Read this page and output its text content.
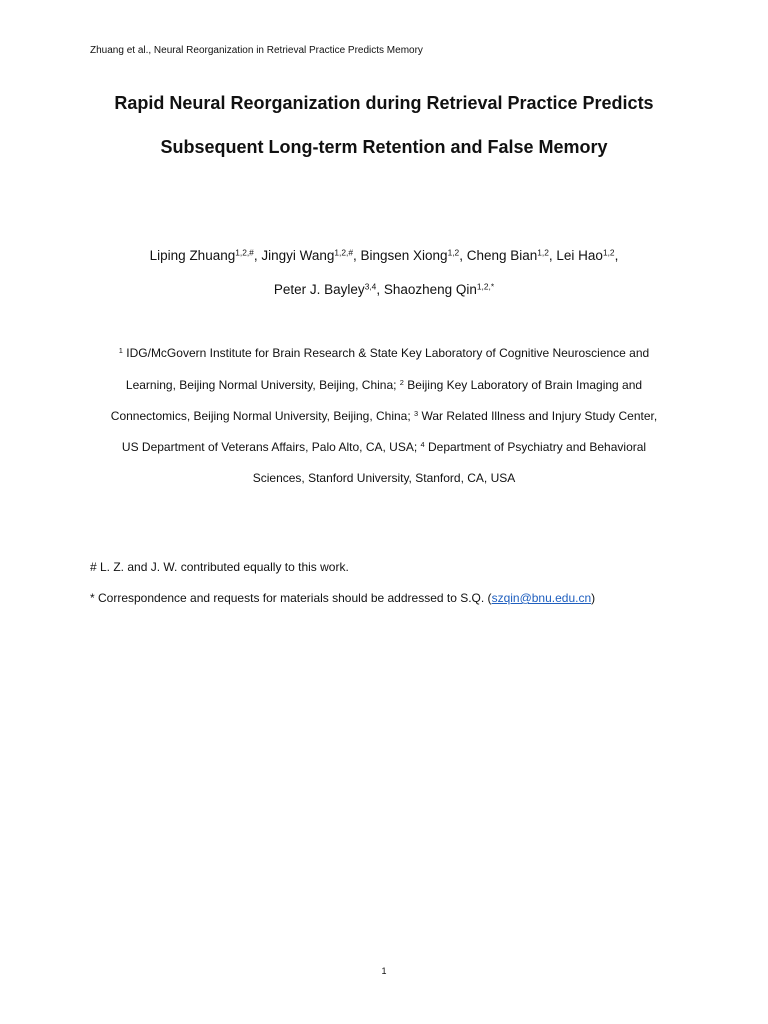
Zhuang et al., Neural Reorganization in Retrieval Practice Predicts Memory
Rapid Neural Reorganization during Retrieval Practice Predicts
Subsequent Long-term Retention and False Memory
Liping Zhuang$^{1,2,\#}$, Jingyi Wang$^{1,2,\#}$, Bingsen Xiong$^{1,2}$, Cheng Bian$^{1,2}$, Lei Hao$^{1,2}$,
Peter J. Bayley$^{3,4}$, Shaozheng Qin$^{1,2,*}$
$^1$ IDG/McGovern Institute for Brain Research & State Key Laboratory of Cognitive Neuroscience and
Learning, Beijing Normal University, Beijing, China; $^2$ Beijing Key Laboratory of Brain Imaging and
Connectomics, Beijing Normal University, Beijing, China; $^3$ War Related Illness and Injury Study Center,
US Department of Veterans Affairs, Palo Alto, CA, USA; $^4$ Department of Psychiatry and Behavioral
Sciences, Stanford University, Stanford, CA, USA
# L. Z. and J. W. contributed equally to this work.
* Correspondence and requests for materials should be addressed to S.Q. (szqin@bnu.edu.cn)
1
